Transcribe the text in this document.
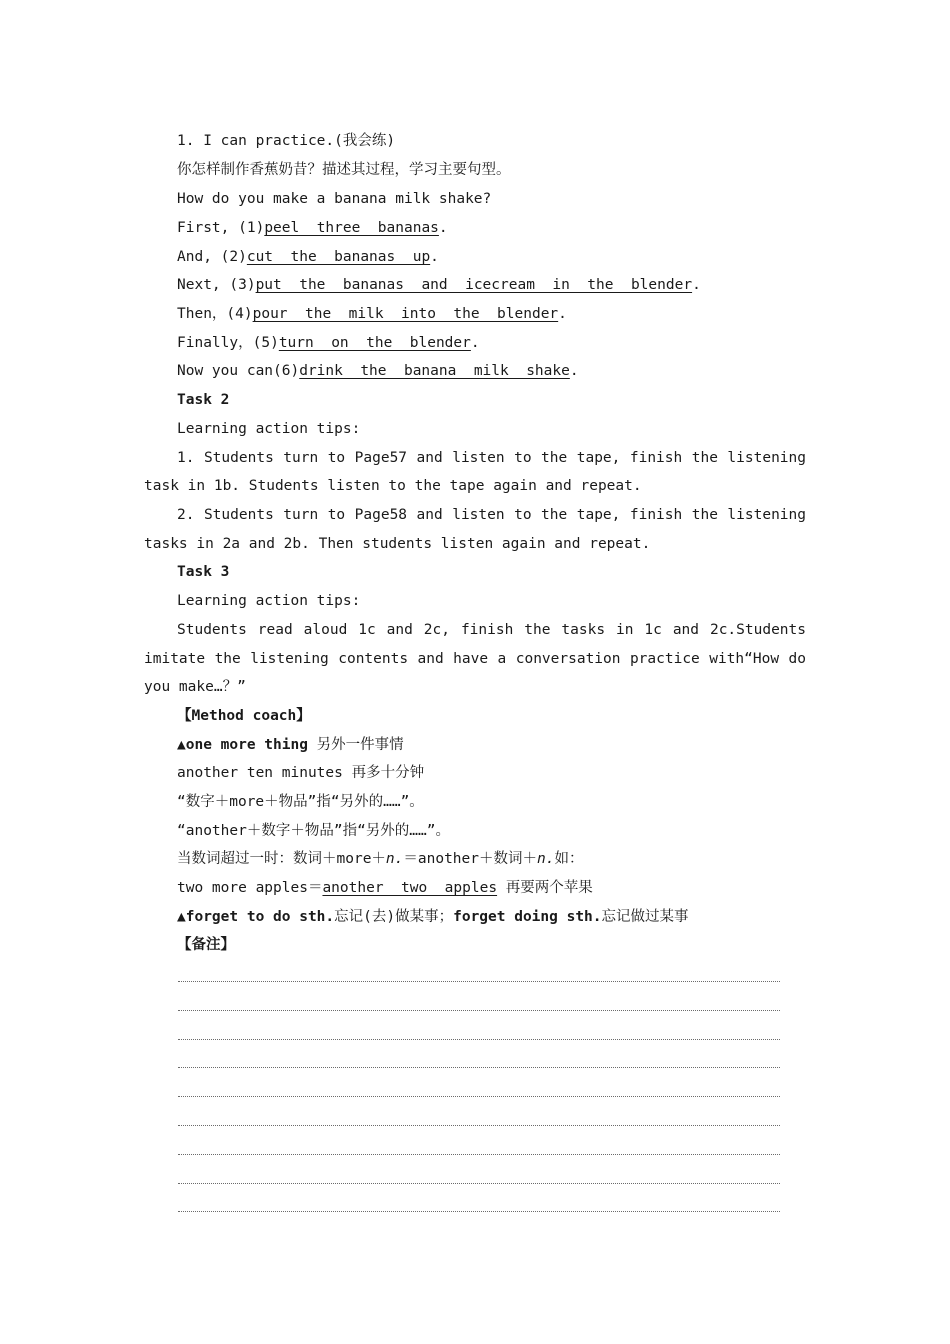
1. I can practice.(我会练)
你怎样制作香蕉奶昔？描述其过程，学习主要句型。
How do you make a banana milk shake?
First, (1)peel  three  bananas.
And, (2)cut  the  bananas  up.
Next, (3)put  the  bananas  and  icecream  in  the  blender.
Then，(4)pour  the  milk  into  the  blender.
Finally，(5)turn  on  the  blender.
Now you can(6)drink  the  banana  milk  shake.
Task 2
Learning action tips:
1. Students turn to Page57 and listen to the tape, finish the listening
task in 1b. Students listen to the tape again and repeat.
2. Students turn to Page58 and listen to the tape, finish the listening
tasks in 2a and 2b. Then students listen again and repeat.
Task 3
Learning action tips:
Students read aloud 1c and 2c, finish the tasks in 1c and 2c.Students
imitate the listening contents and have a conversation practice with“How do
you make…？”
【Method coach】
▲one more thing 另外一件事情
another ten minutes 再多十分钟
“数字＋more＋物品”指“另外的……”。
“another＋数字＋物品”指“另外的……”。
当数词超过一时：数词＋more＋n.＝another＋数词＋n.如：
two more apples＝another  two  apples 再要两个苹果
▲forget to do sth.忘记(去)做某事；forget doing sth.忘记做过某事
【备注】
